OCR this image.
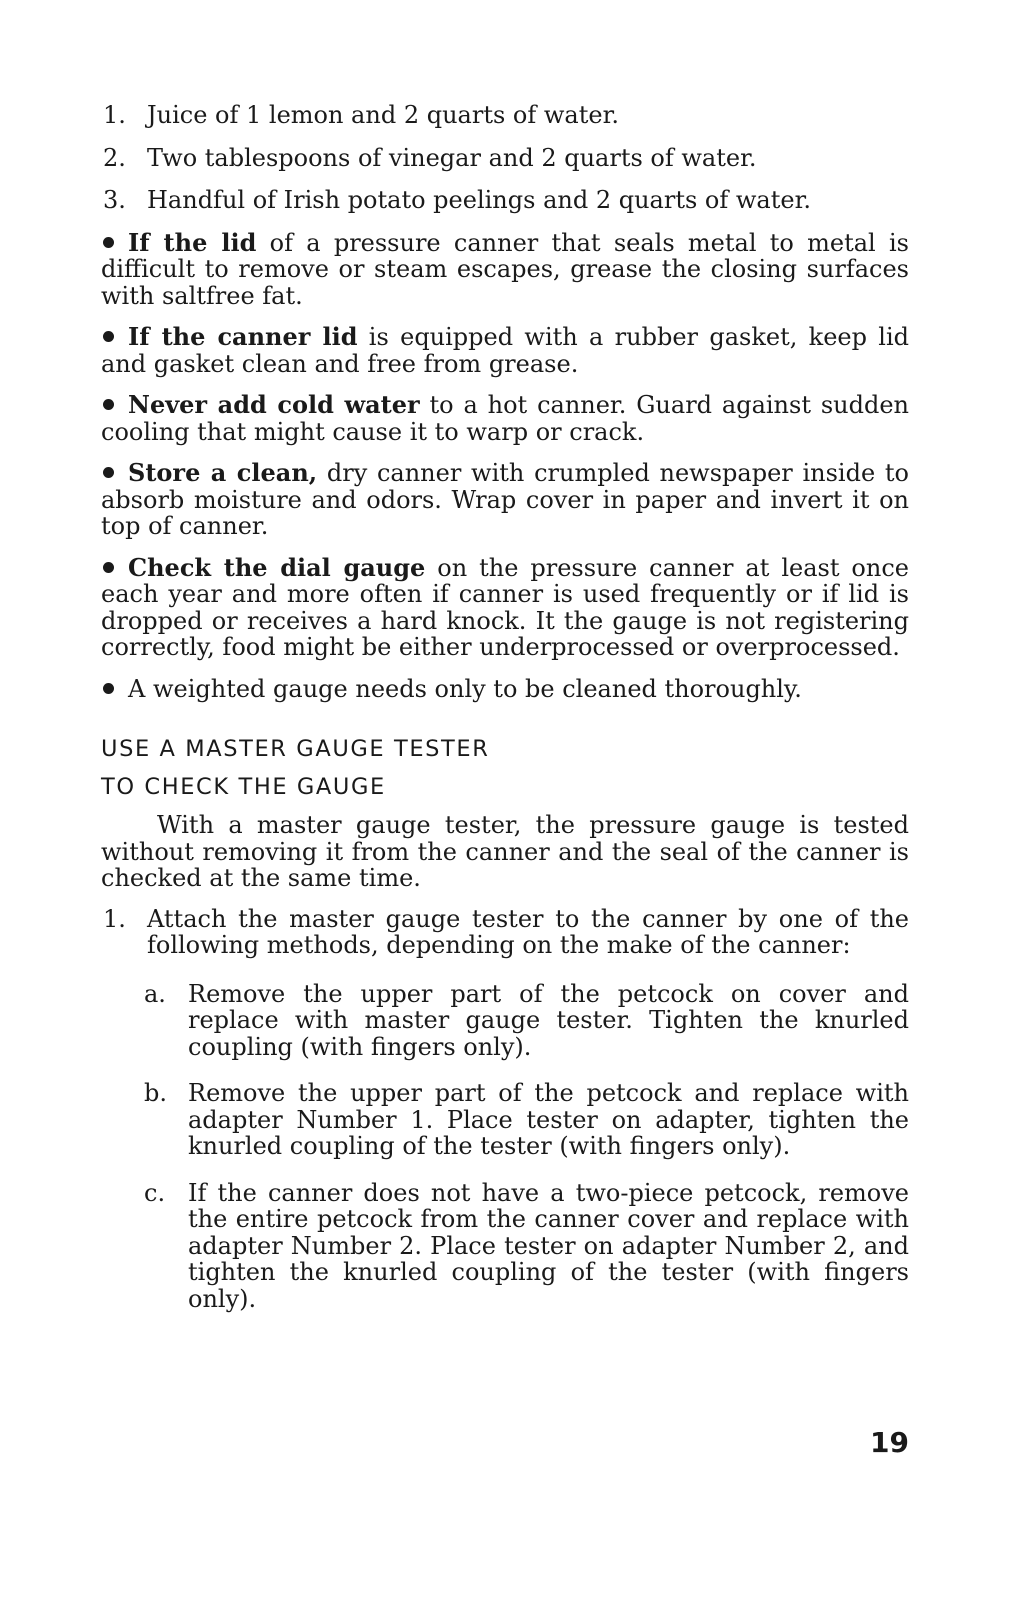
1. Juice of 1 lemon and 2 quarts of water.

2. Two tablespoons of vinegar and 2 quarts of water.

3. Handful of Irish potato peelings and 2 quarts of water.

If the lid of a pressure canner that seals metal to metal is difficult to remove or steam escapes, grease the closing surfaces with saltfree fat.

If the canner lid is equipped with a rubber gasket, keep lid and gasket clean and free from grease.

Never add cold water to a hot canner. Guard against sudden cooling that might cause it to warp or crack.

Store a clean, dry canner with crumpled newspaper inside to absorb moisture and odors. Wrap cover in paper and invert it on top of canner.

Check the dial gauge on the pressure canner at least once each year and more often if canner is used frequently or if lid is dropped or receives a hard knock. It the gauge is not registering correctly, food might be either underprocessed or overprocessed.

A weighted gauge needs only to be cleaned thoroughly.

USE A MASTER GAUGE TESTER
TO CHECK THE GAUGE

With a master gauge tester, the pressure gauge is tested without removing it from the canner and the seal of the canner is checked at the same time.

1. Attach the master gauge tester to the canner by one of the following methods, depending on the make of the canner:

a. Remove the upper part of the petcock on cover and replace with master gauge tester. Tighten the knurled coupling (with fingers only).

b. Remove the upper part of the petcock and replace with adapter Number 1. Place tester on adapter, tighten the knurled coupling of the tester (with fingers only).

c. If the canner does not have a two-piece petcock, remove the entire petcock from the canner cover and replace with adapter Number 2. Place tester on adapter Number 2, and tighten the knurled coupling of the tester (with fingers only).

19
